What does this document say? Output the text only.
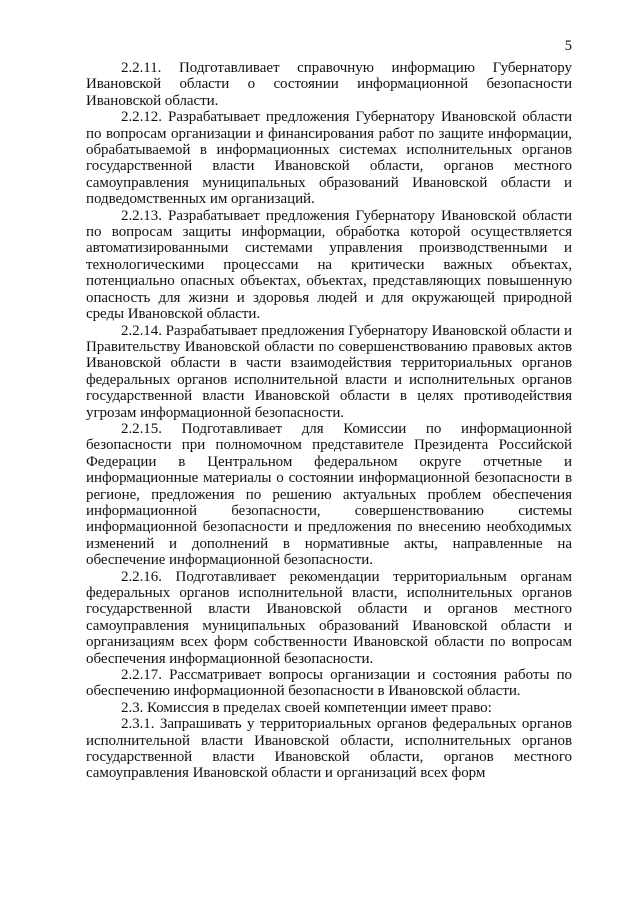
5

2.2.11. Подготавливает справочную информацию Губернатору Ивановской области о состоянии информационной безопасности Ивановской области.

2.2.12. Разрабатывает предложения Губернатору Ивановской области по вопросам организации и финансирования работ по защите информации, обрабатываемой в информационных системах исполнительных органов государственной власти Ивановской области, органов местного самоуправления муниципальных образований Ивановской области и подведомственных им организаций.

2.2.13. Разрабатывает предложения Губернатору Ивановской области по вопросам защиты информации, обработка которой осуществляется автоматизированными системами управления производственными и технологическими процессами на критически важных объектах, потенциально опасных объектах, объектах, представляющих повышенную опасность для жизни и здоровья людей и для окружающей природной среды Ивановской области.

2.2.14. Разрабатывает предложения Губернатору Ивановской области и Правительству Ивановской области по совершенствованию правовых актов Ивановской области в части взаимодействия территориальных органов федеральных органов исполнительной власти и исполнительных органов государственной власти Ивановской области в целях противодействия угрозам информационной безопасности.

2.2.15. Подготавливает для Комиссии по информационной безопасности при полномочном представителе Президента Российской Федерации в Центральном федеральном округе отчетные и информационные материалы о состоянии информационной безопасности в регионе, предложения по решению актуальных проблем обеспечения информационной безопасности, совершенствованию системы информационной безопасности и предложения по внесению необходимых изменений и дополнений в нормативные акты, направленные на обеспечение информационной безопасности.

2.2.16. Подготавливает рекомендации территориальным органам федеральных органов исполнительной власти, исполнительных органов государственной власти Ивановской области и органов местного самоуправления муниципальных образований Ивановской области и организациям всех форм собственности Ивановской области по вопросам обеспечения информационной безопасности.

2.2.17. Рассматривает вопросы организации и состояния работы по обеспечению информационной безопасности в Ивановской области.

2.3. Комиссия в пределах своей компетенции имеет право:

2.3.1. Запрашивать у территориальных органов федеральных органов исполнительной власти Ивановской области, исполнительных органов государственной власти Ивановской области, органов местного самоуправления Ивановской области и организаций всех форм
